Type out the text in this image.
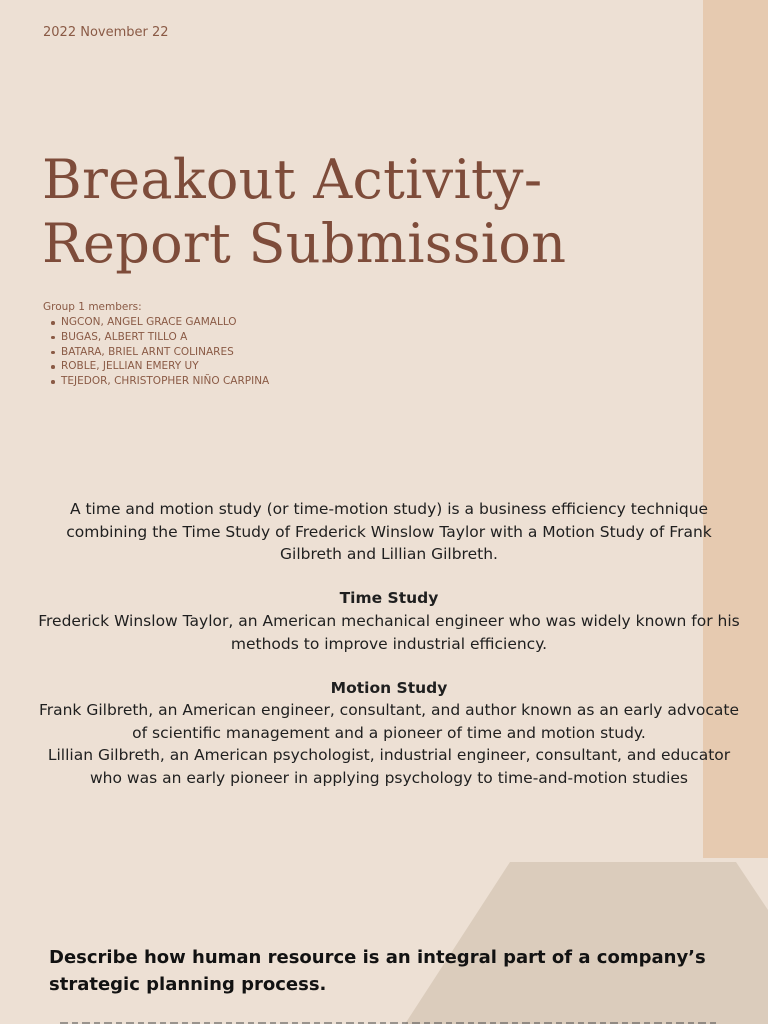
2022 November 22
Breakout Activity-
Report Submission
Group 1 members:
NGCON, ANGEL GRACE GAMALLO
BUGAS, ALBERT TILLO A
BATARA, BRIEL ARNT COLINARES
ROBLE, JELLIAN EMERY UY
TEJEDOR, CHRISTOPHER NIÑO CARPINA

A time and motion study (or time-motion study) is a business efficiency technique combining the Time Study of Frederick Winslow Taylor with a Motion Study of Frank Gilbreth and Lillian Gilbreth.

Time Study

Frederick Winslow Taylor, an American mechanical engineer who was widely known for his methods to improve industrial efficiency.

Motion Study

Frank Gilbreth, an American engineer, consultant, and author known as an early advocate of scientific management and a pioneer of time and motion study.

Lillian Gilbreth, an American psychologist, industrial engineer, consultant, and educator who was an early pioneer in applying psychology to time-and-motion studies

Describe how human resource is an integral part of a company’s strategic planning process.
